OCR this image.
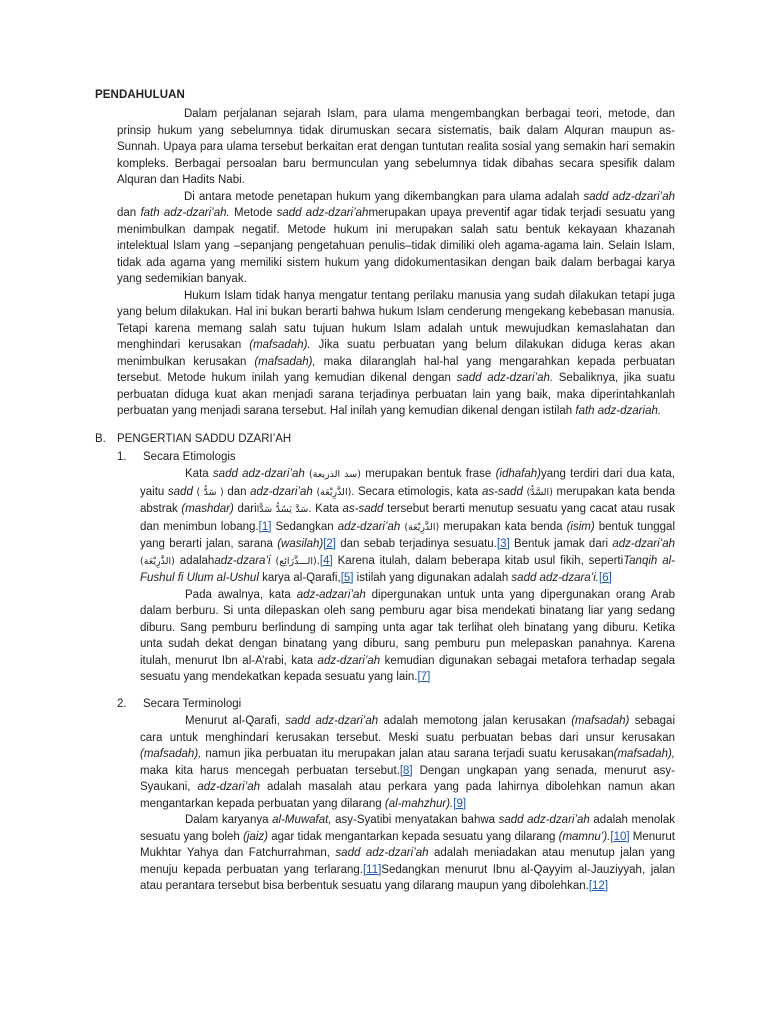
PENDAHULUAN

Dalam perjalanan sejarah Islam, para ulama mengembangkan berbagai teori, metode, dan prinsip hukum yang sebelumnya tidak dirumuskan secara sistematis, baik dalam Alquran maupun as-Sunnah. Upaya para ulama tersebut berkaitan erat dengan tuntutan realita sosial yang semakin hari semakin kompleks. Berbagai persoalan baru bermunculan yang sebelumnya tidak dibahas secara spesifik dalam Alquran dan Hadits Nabi.

Di antara metode penetapan hukum yang dikembangkan para ulama adalah sadd adz-dzari’ah dan fath adz-dzari’ah. Metode sadd adz-dzari’ahmerupakan upaya preventif agar tidak terjadi sesuatu yang menimbulkan dampak negatif. Metode hukum ini merupakan salah satu bentuk kekayaan khazanah intelektual Islam yang –sepanjang pengetahuan penulis–tidak dimiliki oleh agama-agama lain. Selain Islam, tidak ada agama yang memiliki sistem hukum yang didokumentasikan dengan baik dalam berbagai karya yang sedemikian banyak.

Hukum Islam tidak hanya mengatur tentang perilaku manusia yang sudah dilakukan tetapi juga yang belum dilakukan. Hal ini bukan berarti bahwa hukum Islam cenderung mengekang kebebasan manusia. Tetapi karena memang salah satu tujuan hukum Islam adalah untuk mewujudkan kemaslahatan dan menghindari kerusakan (mafsadah). Jika suatu perbuatan yang belum dilakukan diduga keras akan menimbulkan kerusakan (mafsadah), maka dilaranglah hal-hal yang mengarahkan kepada perbuatan tersebut. Metode hukum inilah yang kemudian dikenal dengan sadd adz-dzari’ah. Sebaliknya, jika suatu perbuatan diduga kuat akan menjadi sarana terjadinya perbuatan lain yang baik, maka diperintahkanlah perbuatan yang menjadi sarana tersebut. Hal inilah yang kemudian dikenal dengan istilah fath adz-dzariah.

B. PENGERTIAN SADDU DZARI’AH
1. Secara Etimologis

Kata sadd adz-dzari’ah (سد الذريعة) merupakan bentuk frase (idhafah)yang terdiri dari dua kata, yaitu sadd ( سَدُّ ) dan adz-dzari’ah (الذَّرِيْعَة). Secara etimologis, kata as-sadd (السَّدُّ) merupakan kata benda abstrak (mashdar) dariسَدَّ يَسُدُّ سَدًّا. Kata as-sadd tersebut berarti menutup sesuatu yang cacat atau rusak dan menimbun lobang.[1] Sedangkan adz-dzari’ah (الذَّرِيْعَة) merupakan kata benda (isim) bentuk tunggal yang berarti jalan, sarana (wasilah)[2] dan sebab terjadinya sesuatu.[3] Bentuk jamak dari adz-dzari’ah (الذَّرِيْعَة) adalahadz-dzara’i (الـــذَّرَائِع).[4] Karena itulah, dalam beberapa kitab usul fikih, sepertiTanqih al-Fushul fi Ulum al-Ushul karya al-Qarafi,[5] istilah yang digunakan adalah sadd adz-dzara’i.[6]

Pada awalnya, kata adz-adzari’ah dipergunakan untuk unta yang dipergunakan orang Arab dalam berburu. Si unta dilepaskan oleh sang pemburu agar bisa mendekati binatang liar yang sedang diburu. Sang pemburu berlindung di samping unta agar tak terlihat oleh binatang yang diburu. Ketika unta sudah dekat dengan binatang yang diburu, sang pemburu pun melepaskan panahnya. Karena itulah, menurut Ibn al-A’rabi, kata adz-dzari’ah kemudian digunakan sebagai metafora terhadap segala sesuatu yang mendekatkan kepada sesuatu yang lain.[7]

2. Secara Terminologi

Menurut al-Qarafi, sadd adz-dzari’ah adalah memotong jalan kerusakan (mafsadah) sebagai cara untuk menghindari kerusakan tersebut. Meski suatu perbuatan bebas dari unsur kerusakan (mafsadah), namun jika perbuatan itu merupakan jalan atau sarana terjadi suatu kerusakan(mafsadah), maka kita harus mencegah perbuatan tersebut.[8] Dengan ungkapan yang senada, menurut asy-Syaukani, adz-dzari’ah adalah masalah atau perkara yang pada lahirnya dibolehkan namun akan mengantarkan kepada perbuatan yang dilarang (al-mahzhur).[9]

Dalam karyanya al-Muwafat, asy-Syatibi menyatakan bahwa sadd adz-dzari’ah adalah menolak sesuatu yang boleh (jaiz) agar tidak mengantarkan kepada sesuatu yang dilarang (mamnu’).[10] Menurut Mukhtar Yahya dan Fatchurrahman, sadd adz-dzari’ah adalah meniadakan atau menutup jalan yang menuju kepada perbuatan yang terlarang.[11]Sedangkan menurut Ibnu al-Qayyim al-Jauziyyah, jalan atau perantara tersebut bisa berbentuk sesuatu yang dilarang maupun yang dibolehkan.[12]
